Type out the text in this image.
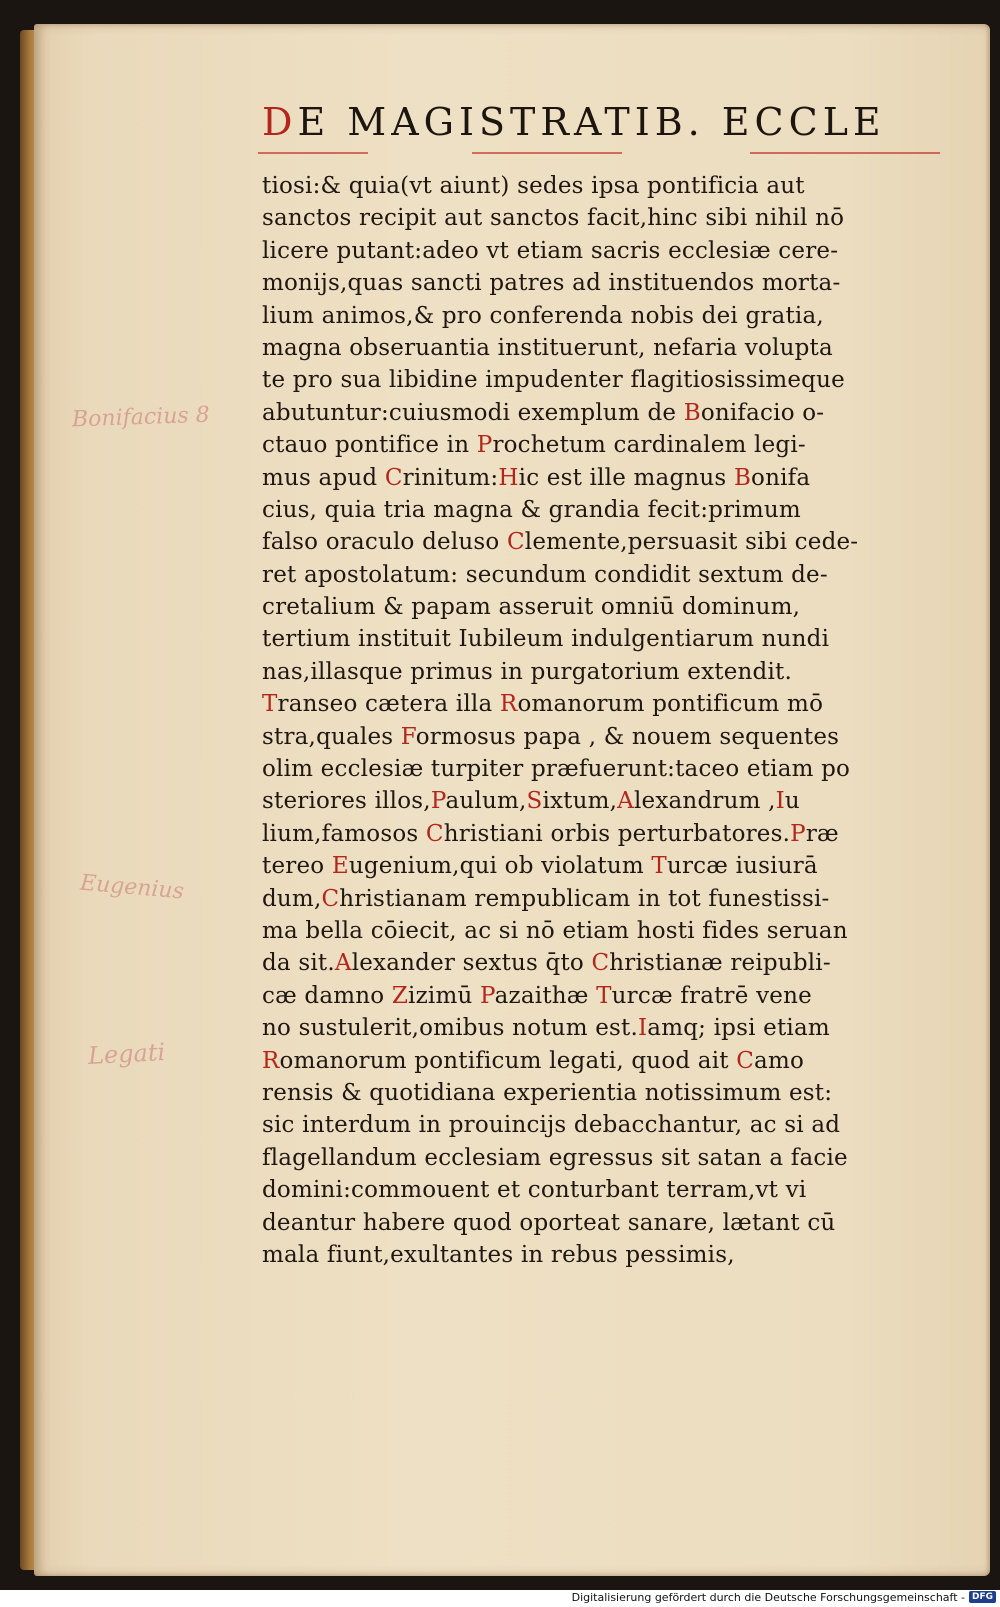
DE MAGISTRATIB. ECCLE
Bonifacius 8
Eugenius
Legati
tiosi:& quia(vt aiunt) sedes ipsa pontificia aut
sanctos recipit aut sanctos facit,hinc sibi nihil nō
licere putant:adeo vt etiam sacris ecclesiæ cere-
monijs,quas sancti patres ad instituendos morta-
lium animos,& pro conferenda nobis dei gratia,
magna obseruantia instituerunt, nefaria volupta
te pro sua libidine impudenter flagitiosissimeque
abutuntur:cuiusmodi exemplum de Bonifacio o-
ctauo pontifice in Prochetum cardinalem legi-
mus apud Crinitum:Hic est ille magnus Bonifa
cius, quia tria magna & grandia fecit:primum
falso oraculo deluso Clemente,persuasit sibi cede-
ret apostolatum: secundum condidit sextum de-
cretalium & papam asseruit omniū dominum,
tertium instituit Iubileum indulgentiarum nundi
nas,illasque primus in purgatorium extendit.
Transeo cætera illa Romanorum pontificum mō
stra,quales Formosus papa , & nouem sequentes
olim ecclesiæ turpiter præfuerunt:taceo etiam po
steriores illos,Paulum,Sixtum,Alexandrum ,Iu
lium,famosos Christiani orbis perturbatores.Præ
tereo Eugenium,qui ob violatum Turcæ iusiurā
dum,Christianam rempublicam in tot funestissi-
ma bella cōiecit, ac si nō etiam hosti fides seruan
da sit.Alexander sextus q̄to Christianæ reipubli-
cæ damno Zizimū Pazaithæ Turcæ fratrē vene
no sustulerit,omibus notum est.Iamq; ipsi etiam
Romanorum pontificum legati, quod ait Camo
rensis & quotidiana experientia notissimum est:
sic interdum in prouincijs debacchantur, ac si ad
flagellandum ecclesiam egressus sit satan a facie
domini:commouent et conturbant terram,vt vi
deantur habere quod oporteat sanare, lætant cū
mala fiunt,exultantes in rebus pessimis,
Digitalisierung gefördert durch die Deutsche Forschungsgemeinschaft - DFG
